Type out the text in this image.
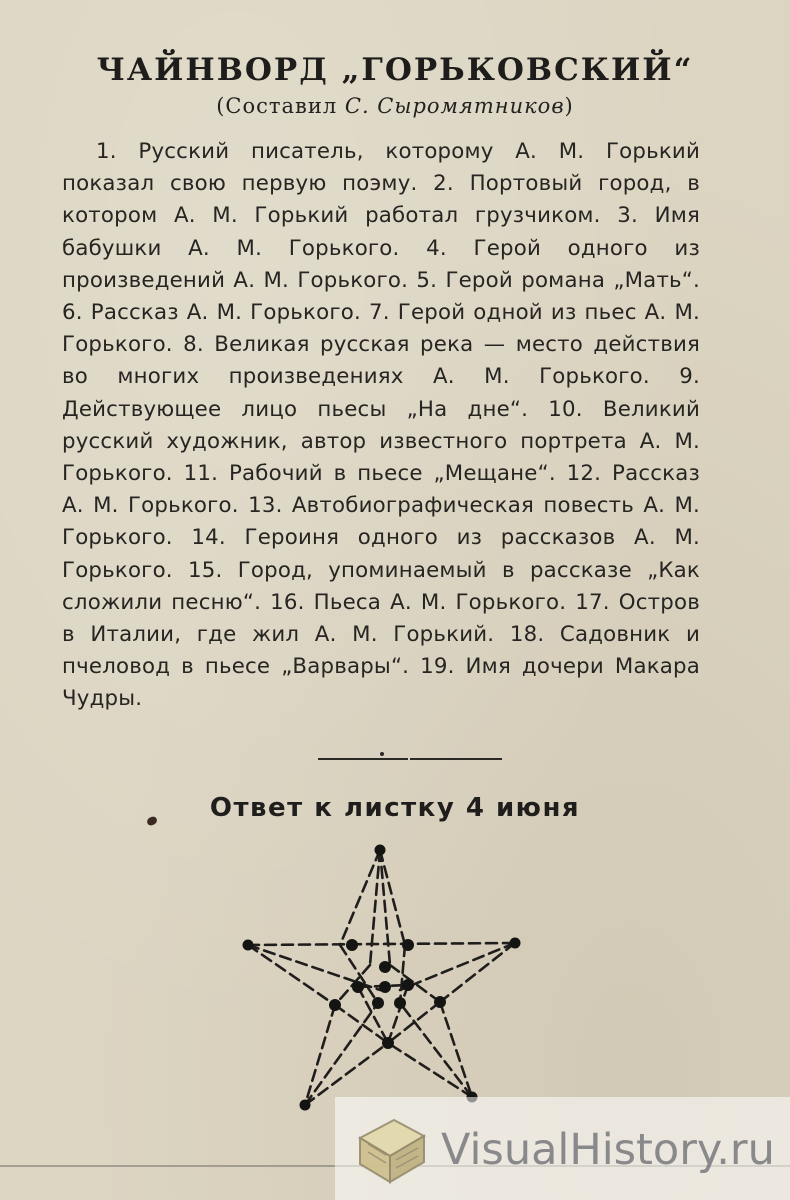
ЧАЙНВОРД „ГОРЬКОВСКИЙ“
(Составил С. Сыромятников)
1. Русский писатель, которому А. М. Горький показал свою первую поэму. 2. Портовый город, в котором А. М. Горький работал грузчиком. 3. Имя бабушки А. М. Горького. 4. Герой одного из произведений А. М. Горького. 5. Герой романа „Мать“. 6. Рассказ А. М. Горького. 7. Герой одной из пьес А. М. Горького. 8. Великая русская река — место действия во многих произведениях А. М. Горького. 9. Действующее лицо пьесы „На дне“. 10. Великий русский художник, автор известного портрета А. М. Горького. 11. Рабочий в пьесе „Мещане“. 12. Рассказ А. М. Горького. 13. Автобиографическая повесть А. М. Горького. 14. Героиня одного из рассказов А. М. Горького. 15. Город, упоминаемый в рассказе „Как сложили песню“. 16. Пьеса А. М. Горького. 17. Остров в Италии, где жил А. М. Горький. 18. Садовник и пчеловод в пьесе „Варвары“. 19. Имя дочери Макара Чудры.
Ответ к листку 4 июня
VisualHistory.ru
